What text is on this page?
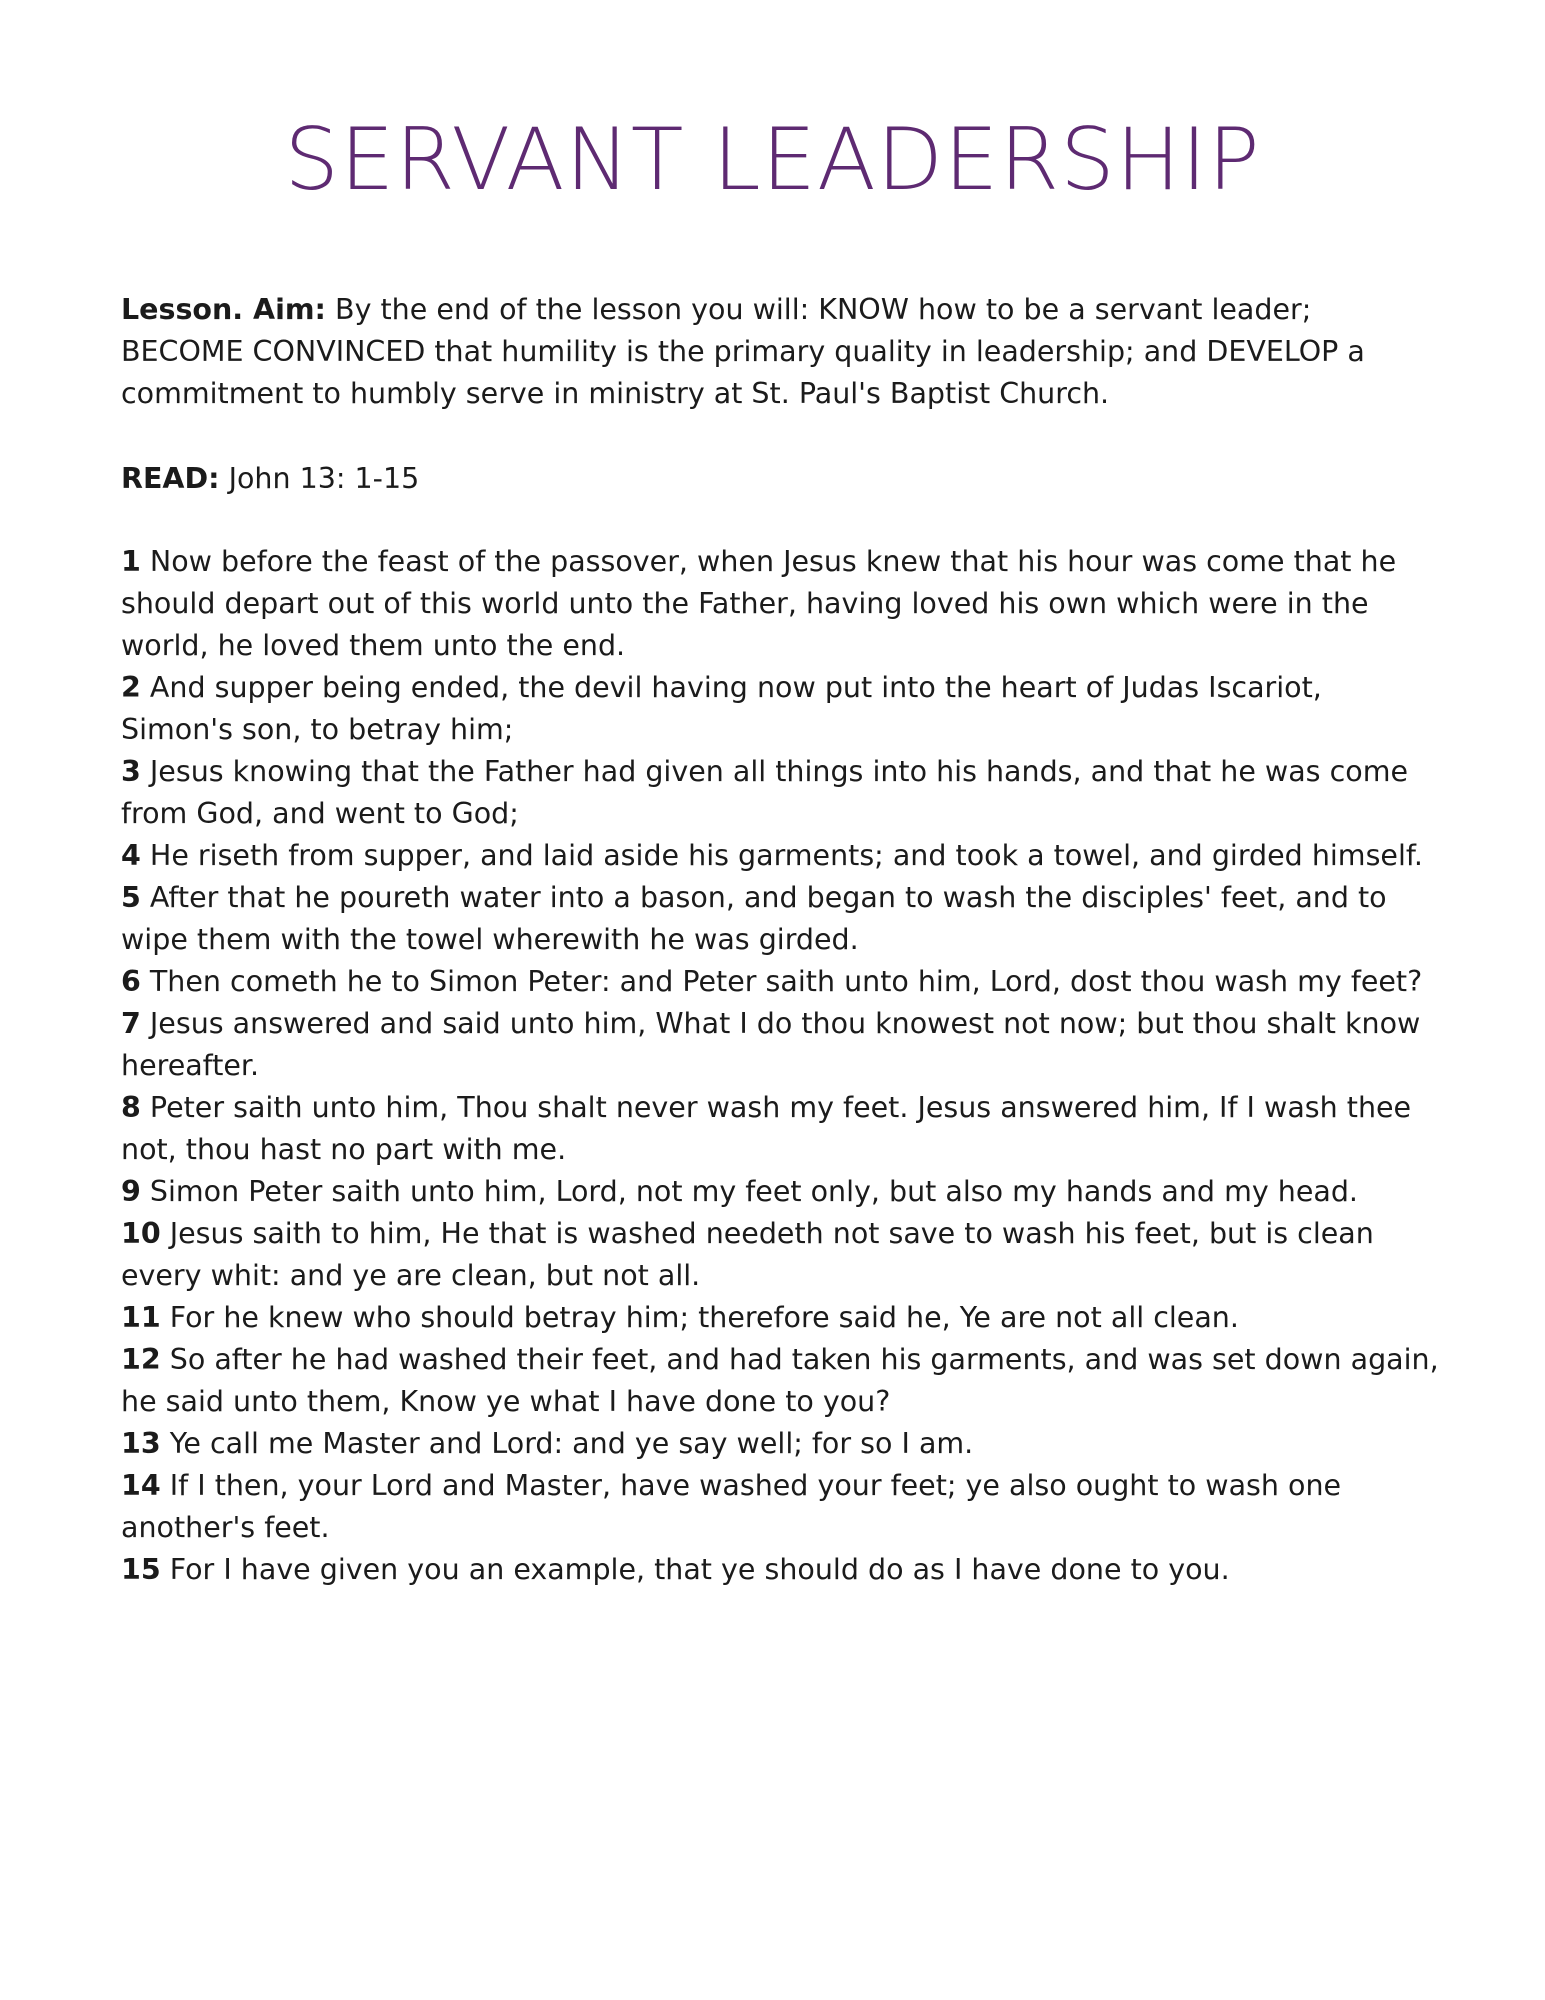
SERVANT LEADERSHIP

Lesson. Aim: By the end of the lesson you will: KNOW how to be a servant leader; BECOME CONVINCED that humility is the primary quality in leadership; and DEVELOP a commitment to humbly serve in ministry at St. Paul's Baptist Church.

READ: John 13: 1-15

1 Now before the feast of the passover, when Jesus knew that his hour was come that he should depart out of this world unto the Father, having loved his own which were in the world, he loved them unto the end.

2 And supper being ended, the devil having now put into the heart of Judas Iscariot, Simon's son, to betray him;

3 Jesus knowing that the Father had given all things into his hands, and that he was come from God, and went to God;

4 He riseth from supper, and laid aside his garments; and took a towel, and girded himself.

5 After that he poureth water into a bason, and began to wash the disciples' feet, and to wipe them with the towel wherewith he was girded.

6 Then cometh he to Simon Peter: and Peter saith unto him, Lord, dost thou wash my feet?

7 Jesus answered and said unto him, What I do thou knowest not now; but thou shalt know hereafter.

8 Peter saith unto him, Thou shalt never wash my feet. Jesus answered him, If I wash thee not, thou hast no part with me.

9 Simon Peter saith unto him, Lord, not my feet only, but also my hands and my head.

10 Jesus saith to him, He that is washed needeth not save to wash his feet, but is clean every whit: and ye are clean, but not all.

11 For he knew who should betray him; therefore said he, Ye are not all clean.

12 So after he had washed their feet, and had taken his garments, and was set down again, he said unto them, Know ye what I have done to you?

13 Ye call me Master and Lord: and ye say well; for so I am.

14 If I then, your Lord and Master, have washed your feet; ye also ought to wash one another's feet.

15 For I have given you an example, that ye should do as I have done to you.
